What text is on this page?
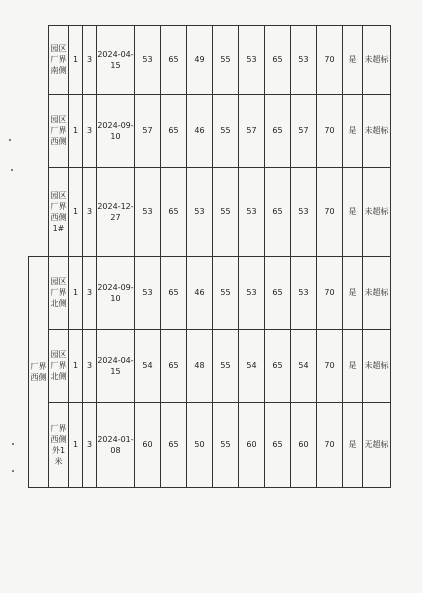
	园区厂界南侧	1	3	2024-04-15	53	65	49	55	53	65	53	70	是	未超标
	园区厂界西侧	1	3	2024-09-10	57	65	46	55	57	65	57	70	是	未超标
	园区厂界西侧1#	1	3	2024-12-27	53	65	53	55	53	65	53	70	是	未超标
厂界西侧	园区厂界北侧	1	3	2024-09-10	53	65	46	55	53	65	53	70	是	未超标
	园区厂界北侧	1	3	2024-04-15	54	65	48	55	54	65	54	70	是	未超标
	厂界西侧外1米	1	3	2024-01-08	60	65	50	55	60	65	60	70	是	无超标
